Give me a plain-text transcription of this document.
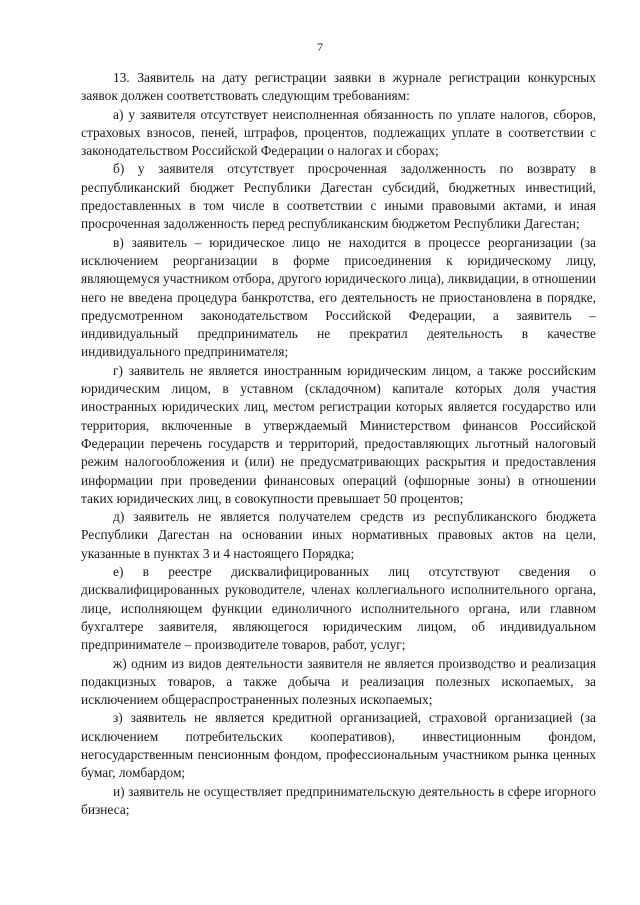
7

13. Заявитель на дату регистрации заявки в журнале регистрации конкурсных заявок должен соответствовать следующим требованиям:

а) у заявителя отсутствует неисполненная обязанность по уплате налогов, сборов, страховых взносов, пеней, штрафов, процентов, подлежащих уплате в соответствии с законодательством Российской Федерации о налогах и сборах;

б) у заявителя отсутствует просроченная задолженность по возврату в республиканский бюджет Республики Дагестан субсидий, бюджетных инвестиций, предоставленных в том числе в соответствии с иными правовыми актами, и иная просроченная задолженность перед республиканским бюджетом Республики Дагестан;

в) заявитель – юридическое лицо не находится в процессе реорганизации (за исключением реорганизации в форме присоединения к юридическому лицу, являющемуся участником отбора, другого юридического лица), ликвидации, в отношении него не введена процедура банкротства, его деятельность не приостановлена в порядке, предусмотренном законодательством Российской Федерации, а заявитель – индивидуальный предприниматель не прекратил деятельность в качестве индивидуального предпринимателя;

г) заявитель не является иностранным юридическим лицом, а также российским юридическим лицом, в уставном (складочном) капитале которых доля участия иностранных юридических лиц, местом регистрации которых является государство или территория, включенные в утверждаемый Министерством финансов Российской Федерации перечень государств и территорий, предоставляющих льготный налоговый режим налогообложения и (или) не предусматривающих раскрытия и предоставления информации при проведении финансовых операций (офшорные зоны) в отношении таких юридических лиц, в совокупности превышает 50 процентов;

д) заявитель не является получателем средств из республиканского бюджета Республики Дагестан на основании иных нормативных правовых актов на цели, указанные в пунктах 3 и 4 настоящего Порядка;

е) в реестре дисквалифицированных лиц отсутствуют сведения о дисквалифицированных руководителе, членах коллегиального исполнительного органа, лице, исполняющем функции единоличного исполнительного органа, или главном бухгалтере заявителя, являющегося юридическим лицом, об индивидуальном предпринимателе – производителе товаров, работ, услуг;

ж) одним из видов деятельности заявителя не является производство и реализация подакцизных товаров, а также добыча и реализация полезных ископаемых, за исключением общераспространенных полезных ископаемых;

з) заявитель не является кредитной организацией, страховой организацией (за исключением потребительских кооперативов), инвестиционным фондом, негосударственным пенсионным фондом, профессиональным участником рынка ценных бумаг, ломбардом;

и) заявитель не осуществляет предпринимательскую деятельность в сфере игорного бизнеса;
